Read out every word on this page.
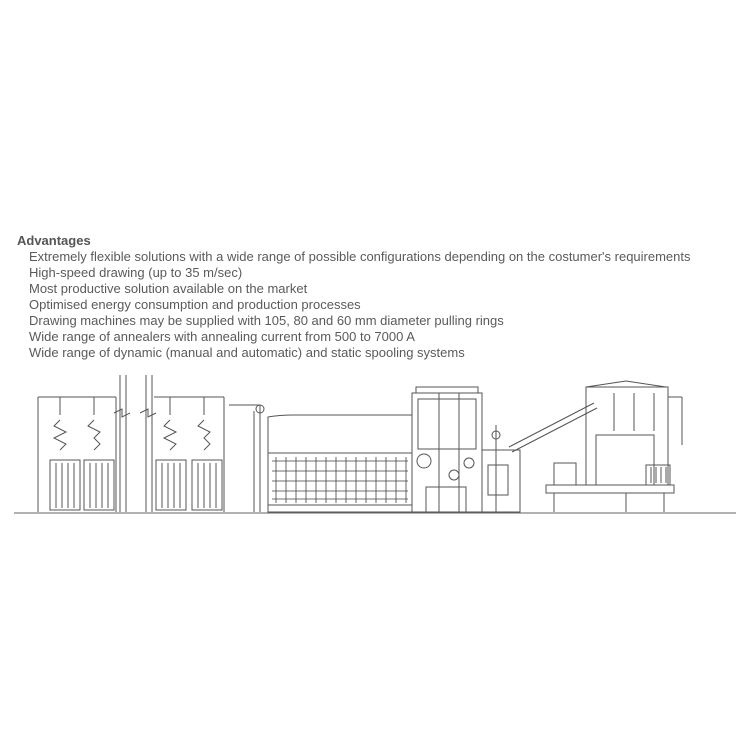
Advantages
Extremely flexible solutions with a wide range of possible configurations depending on the costumer's requirements
High-speed drawing (up to 35 m/sec)
Most productive solution available on the market
Optimised energy consumption and production processes
Drawing machines may be supplied with 105, 80 and 60 mm diameter pulling rings
Wide range of annealers with annealing current from 500 to 7000 A
Wide range of dynamic (manual and automatic) and static spooling systems
